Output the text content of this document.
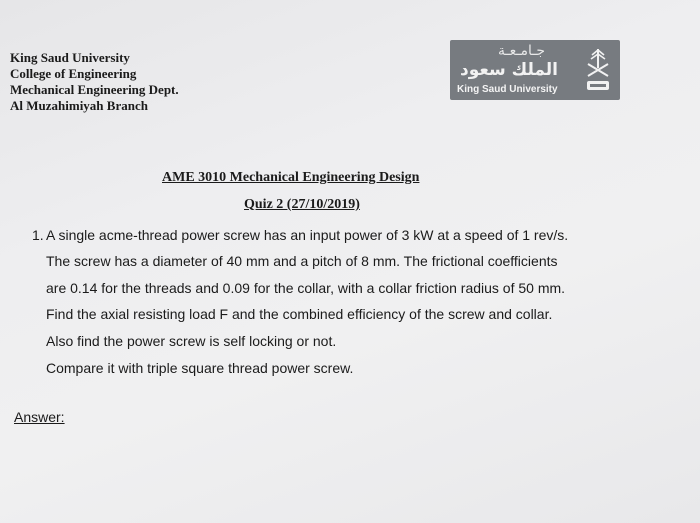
King Saud University
College of Engineering
Mechanical Engineering Dept.
Al Muzahimiyah Branch
جـامـعـة
الملك سعود
King Saud University
AME 3010 Mechanical Engineering Design
Quiz 2 (27/10/2019)
1. A single acme-thread power screw has an input power of 3 kW at a speed of 1 rev/s.
The screw has a diameter of 40 mm and a pitch of 8 mm. The frictional coefficients
are 0.14 for the threads and 0.09 for the collar, with a collar friction radius of 50 mm.
Find the axial resisting load F and the combined efficiency of the screw and collar.
Also find the power screw is self locking or not.
Compare it with triple square thread power screw.
Answer:
